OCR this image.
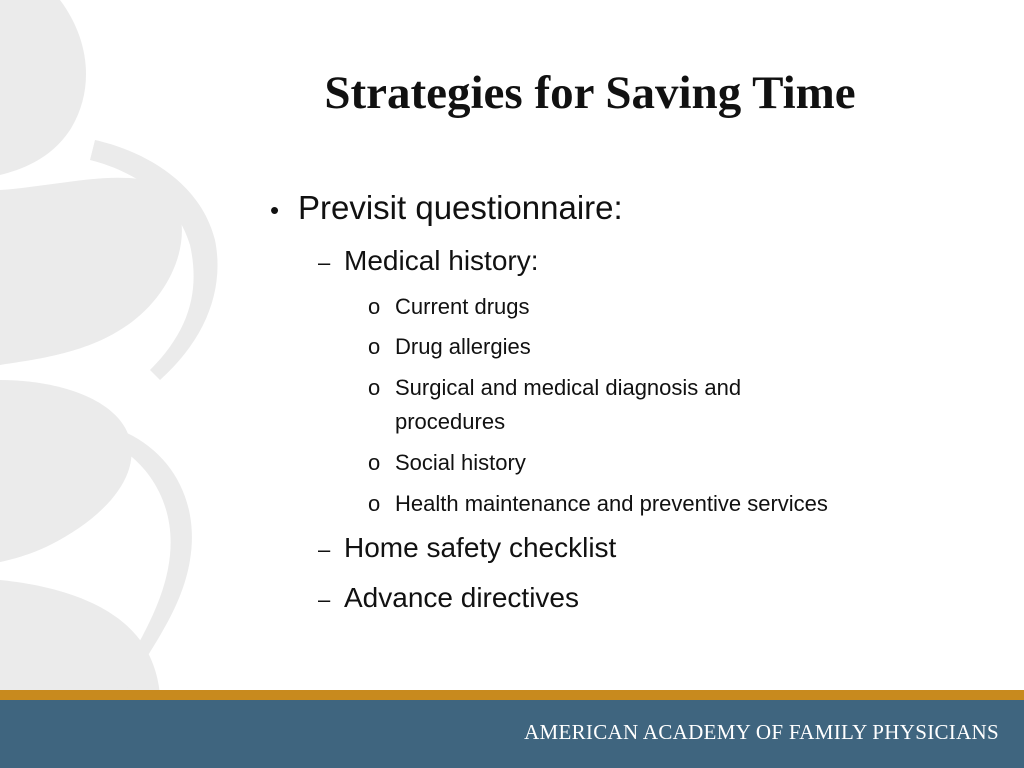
Strategies for Saving Time
• Previsit questionnaire:
– Medical history:
o Current drugs
o Drug allergies
o Surgical and medical diagnosis and
procedures
o Social history
o Health maintenance and preventive services
– Home safety checklist
– Advance directives
AMERICAN ACADEMY OF FAMILY PHYSICIANS
